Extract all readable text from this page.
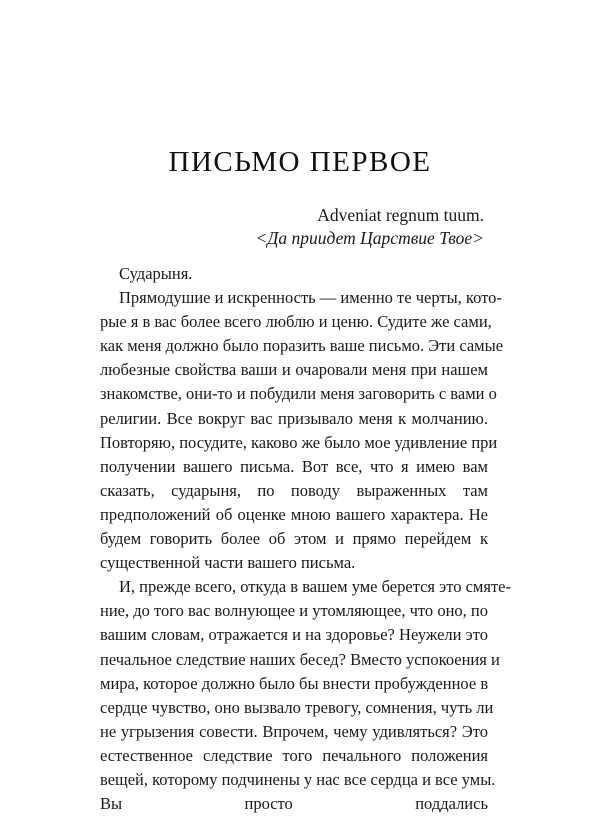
ПИСЬМО ПЕРВОЕ
Adveniat regnum tuum.
<Да приидет Царствие Твое>
Сударыня.
Прямодушие и искренность — именно те черты, кото-
рые я в вас более всего люблю и ценю. Судите же сами,
как меня должно было поразить ваше письмо. Эти самые
любезные свойства ваши и очаровали меня при нашем
знакомстве, они-то и побудили меня заговорить с вами о
религии. Все вокруг вас призывало меня к молчанию.
Повторяю, посудите, каково же было мое удивление при
получении вашего письма. Вот все, что я имею вам
сказать, сударыня, по поводу выраженных там
предположений об оценке мною вашего характера. Не
будем говорить более об этом и прямо перейдем к
существенной части вашего письма.
И, прежде всего, откуда в вашем уме берется это смяте-
ние, до того вас волнующее и утомляющее, что оно, по
вашим словам, отражается и на здоровье? Неужели это
печальное следствие наших бесед? Вместо успокоения и
мира, которое должно было бы внести пробужденное в
сердце чувство, оно вызвало тревогу, сомнения, чуть ли
не угрызения совести. Впрочем, чему удивляться? Это
естественное следствие того печального положения
вещей, которому подчинены у нас все сердца и все умы.
Вы просто поддались
